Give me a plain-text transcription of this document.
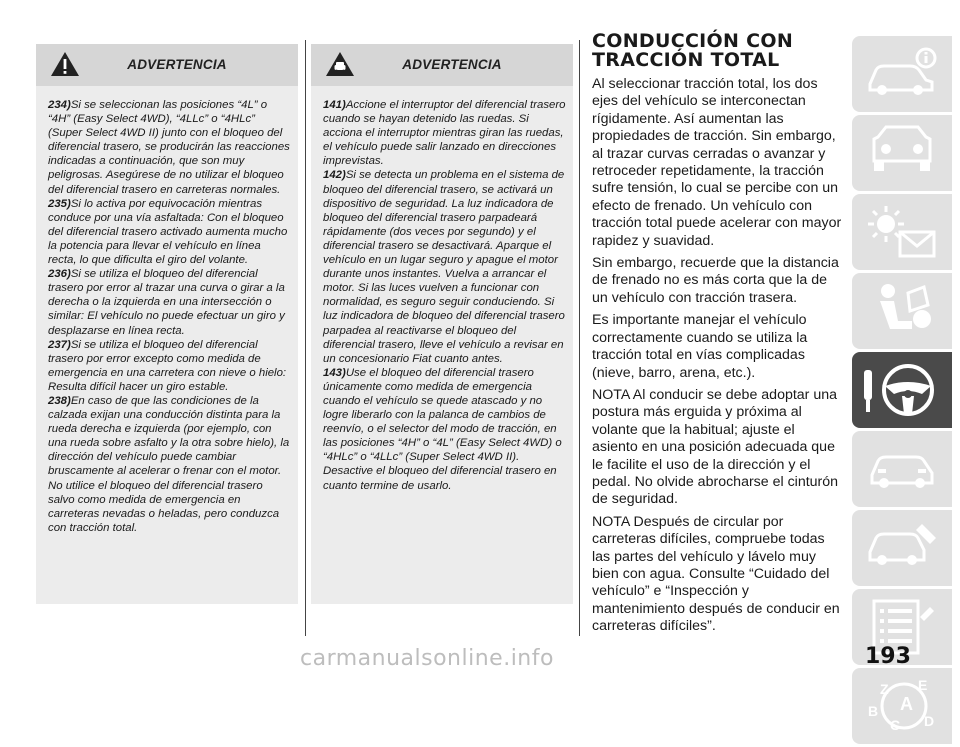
ADVERTENCIA

234)Si se seleccionan las posiciones “4L” o “4H” (Easy Select 4WD), “4LLc” o “4HLc” (Super Select 4WD II) junto con el bloqueo del diferencial trasero, se producirán las reacciones indicadas a continuación, que son muy peligrosas. Asegúrese de no utilizar el bloqueo del diferencial trasero en carreteras normales.

235)Si lo activa por equivocación mientras conduce por una vía asfaltada: Con el bloqueo del diferencial trasero activado aumenta mucho la potencia para llevar el vehículo en línea recta, lo que dificulta el giro del volante.

236)Si se utiliza el bloqueo del diferencial trasero por error al trazar una curva o girar a la derecha o la izquierda en una intersección o similar: El vehículo no puede efectuar un giro y desplazarse en línea recta.

237)Si se utiliza el bloqueo del diferencial trasero por error excepto como medida de emergencia en una carretera con nieve o hielo: Resulta difícil hacer un giro estable.

238)En caso de que las condiciones de la calzada exijan una conducción distinta para la rueda derecha e izquierda (por ejemplo, con una rueda sobre asfalto y la otra sobre hielo), la dirección del vehículo puede cambiar bruscamente al acelerar o frenar con el motor. No utilice el bloqueo del diferencial trasero salvo como medida de emergencia en carreteras nevadas o heladas, pero conduzca con tracción total.

ADVERTENCIA

141)Accione el interruptor del diferencial trasero cuando se hayan detenido las ruedas. Si acciona el interruptor mientras giran las ruedas, el vehículo puede salir lanzado en direcciones imprevistas.

142)Si se detecta un problema en el sistema de bloqueo del diferencial trasero, se activará un dispositivo de seguridad. La luz indicadora de bloqueo del diferencial trasero parpadeará rápidamente (dos veces por segundo) y el diferencial trasero se desactivará. Aparque el vehículo en un lugar seguro y apague el motor durante unos instantes. Vuelva a arrancar el motor. Si las luces vuelven a funcionar con normalidad, es seguro seguir conduciendo. Si luz indicadora de bloqueo del diferencial trasero parpadea al reactivarse el bloqueo del diferencial trasero, lleve el vehículo a revisar en un concesionario Fiat cuanto antes.

143)Use el bloqueo del diferencial trasero únicamente como medida de emergencia cuando el vehículo se quede atascado y no logre liberarlo con la palanca de cambios de reenvío, o el selector del modo de tracción, en las posiciones “4H” o “4L” (Easy Select 4WD) o “4HLc” o “4LLc” (Super Select 4WD II). Desactive el bloqueo del diferencial trasero en cuanto termine de usarlo.

CONDUCCIÓN CON
TRACCIÓN TOTAL

Al seleccionar tracción total, los dos ejes del vehículo se interconectan rígidamente. Así aumentan las propiedades de tracción. Sin embargo, al trazar curvas cerradas o avanzar y retroceder repetidamente, la tracción sufre tensión, lo cual se percibe con un efecto de frenado. Un vehículo con tracción total puede acelerar con mayor rapidez y suavidad.

Sin embargo, recuerde que la distancia de frenado no es más corta que la de un vehículo con tracción trasera.

Es importante manejar el vehículo correctamente cuando se utiliza la tracción total en vías complicadas (nieve, barro, arena, etc.).

NOTA Al conducir se debe adoptar una postura más erguida y próxima al volante que la habitual; ajuste el asiento en una posición adecuada que le facilite el uso de la dirección y el pedal. No olvide abrocharse el cinturón de seguridad.

NOTA Después de circular por carreteras difíciles, compruebe todas las partes del vehículo y lávelo muy bien con agua. Consulte “Cuidado del vehículo” e “Inspección y mantenimiento después de conducir en carreteras difíciles”.

Z E
A
B
C D
193
carmanualsonline.info
